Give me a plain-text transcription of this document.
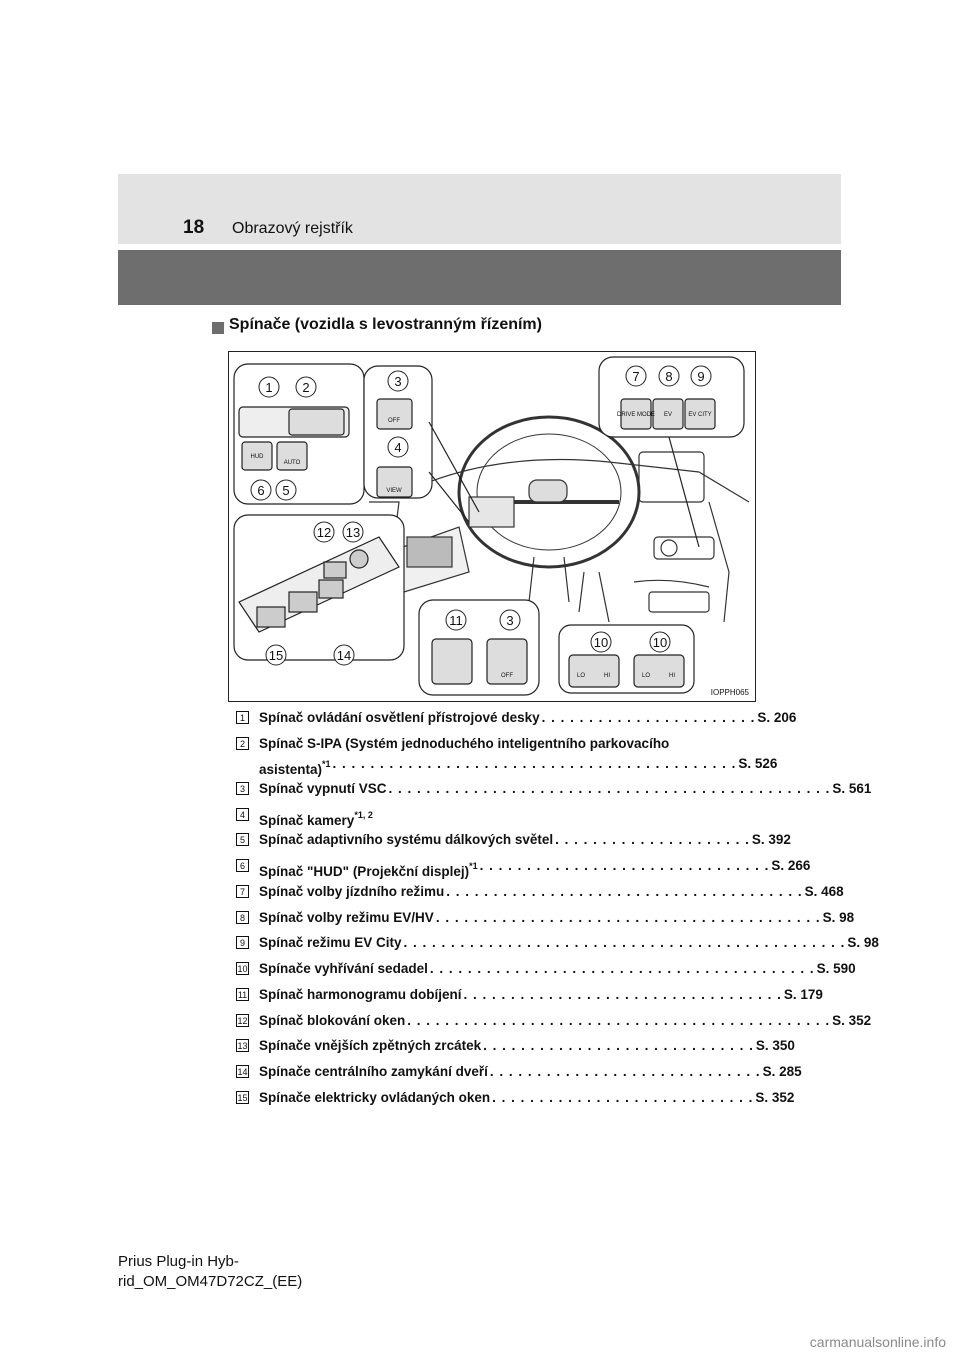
18 Obrazový rejstřík
Spínače (vozidla s levostranným řízením)
1 2	3
4
6 5
7 8 9
12 13
15	14
11	3
10	10
HUD
AUTO
OFF
VIEW
DRIVE MODE EV	EV CITY
OFF	LO	HI	LO	HI
IOPPH065
1 Spínač ovládání osvětlení přístrojové desky . . . . . . . . . . . . . . . . . . . . . . . S. 206
2 Spínač S-IPA (Systém jednoduchého inteligentního parkovacího
asistenta)$^{*1}$ . . . . . . . . . . . . . . . . . . . . . . . . . . . . . . . . . . . . . . . . . . . S. 526
3 Spínač vypnutí VSC . . . . . . . . . . . . . . . . . . . . . . . . . . . . . . . . . . . . . . . . . . . . . . . S. 561
4 Spínač kamery$^{*1, 2}$
5 Spínač adaptivního systému dálkových světel . . . . . . . . . . . . . . . . . . . . . S. 392
6 Spínač "HUD" (Projekční displej)$^{*1}$ . . . . . . . . . . . . . . . . . . . . . . . . . . . . . . . S. 266
7 Spínač volby jízdního režimu . . . . . . . . . . . . . . . . . . . . . . . . . . . . . . . . . . . . . . S. 468
8 Spínač volby režimu EV/HV . . . . . . . . . . . . . . . . . . . . . . . . . . . . . . . . . . . . . . . . . S. 98
9 Spínač režimu EV City . . . . . . . . . . . . . . . . . . . . . . . . . . . . . . . . . . . . . . . . . . . . . . . S. 98
10 Spínače vyhřívání sedadel . . . . . . . . . . . . . . . . . . . . . . . . . . . . . . . . . . . . . . . . . S. 590
11 Spínač harmonogramu dobíjení . . . . . . . . . . . . . . . . . . . . . . . . . . . . . . . . . . S. 179
12 Spínač blokování oken . . . . . . . . . . . . . . . . . . . . . . . . . . . . . . . . . . . . . . . . . . . . . S. 352
13 Spínače vnějších zpětných zrcátek . . . . . . . . . . . . . . . . . . . . . . . . . . . . . S. 350
14 Spínače centrálního zamykání dveří . . . . . . . . . . . . . . . . . . . . . . . . . . . . . S. 285
15 Spínače elektricky ovládaných oken . . . . . . . . . . . . . . . . . . . . . . . . . . . . S. 352
Prius Plug-in Hyb-
rid_OM_OM47D72CZ_(EE)
carmanualsonline.info
